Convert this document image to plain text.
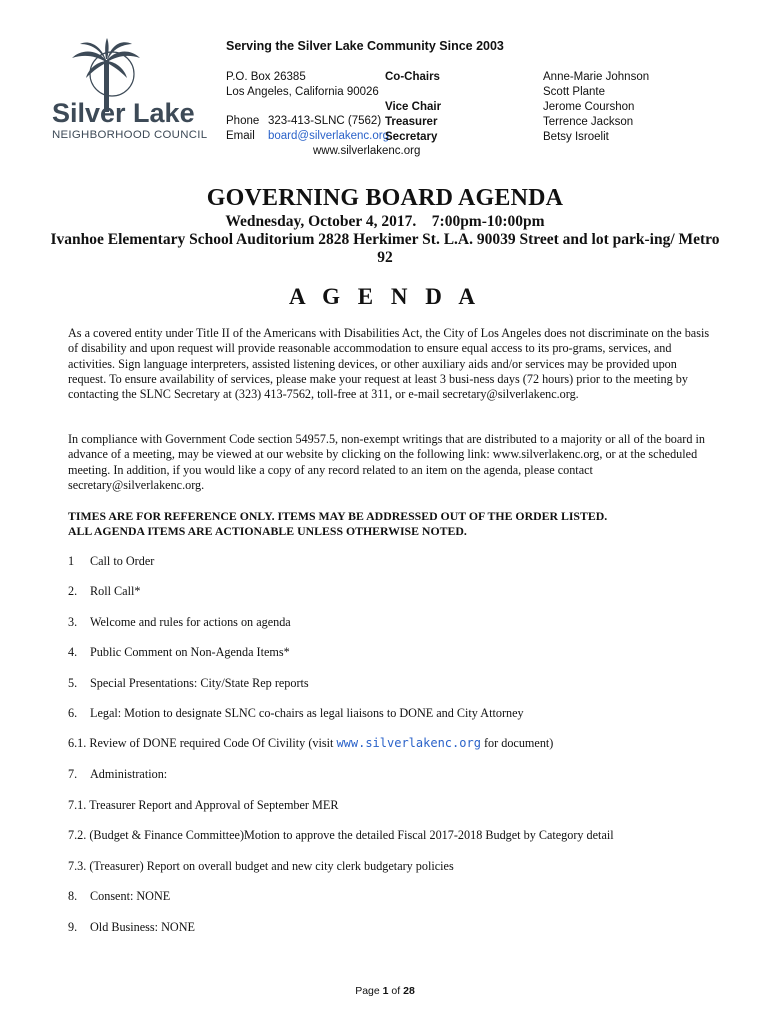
Silver Lake
NEIGHBORHOOD COUNCIL
Serving the Silver Lake Community Since 2003
P.O. Box 26385
Los Angeles, California 90026
Phone 323-413-SLNC (7562)
Email board@silverlakenc.org
Co-Chairs

Vice Chair
Treasurer
Secretary
Anne-Marie Johnson
Scott Plante
Jerome Courshon
Terrence Jackson
Betsy Isroelit
www.silverlakenc.org
GOVERNING BOARD AGENDA
Wednesday, October 4, 2017.    7:00pm-10:00pm
Ivanhoe Elementary School Auditorium 2828 Herkimer St. L.A. 90039 Street and lot park-ing/ Metro 92
A G E N D A
As a covered entity under Title II of the Americans with Disabilities Act, the City of Los Angeles does not discriminate on the basis of disability and upon request will provide reasonable accommodation to ensure equal access to its pro-grams, services, and activities. Sign language interpreters, assisted listening devices, or other auxiliary aids and/or services may be provided upon request. To ensure availability of services, please make your request at least 3 busi-ness days (72 hours) prior to the meeting by contacting the SLNC Secretary at (323) 413-7562, toll-free at 311, or e-mail secretary@silverlakenc.org.
In compliance with Government Code section 54957.5, non-exempt writings that are distributed to a majority or all of the board in advance of a meeting, may be viewed at our website by clicking on the following link: www.silverlakenc.org, or at the scheduled meeting. In addition, if you would like a copy of any record related to an item on the agenda, please contact secretary@silverlakenc.org.
TIMES ARE FOR REFERENCE ONLY. ITEMS MAY BE ADDRESSED OUT OF THE ORDER LISTED.
ALL AGENDA ITEMS ARE ACTIONABLE UNLESS OTHERWISE NOTED.
1 Call to Order
2. Roll Call*
3. Welcome and rules for actions on agenda
4. Public Comment on Non-Agenda Items*
5. Special Presentations: City/State Rep reports
6. Legal: Motion to designate SLNC co-chairs as legal liaisons to DONE and City Attorney
6.1. Review of DONE required Code Of Civility (visit www.silverlakenc.org for document)
7. Administration:
7.1. Treasurer Report and Approval of September MER
7.2. (Budget & Finance Committee)Motion to approve the detailed Fiscal 2017-2018 Budget by Category detail
7.3. (Treasurer) Report on overall budget and new city clerk budgetary policies
8. Consent: NONE
9. Old Business: NONE
Page 1 of 28
